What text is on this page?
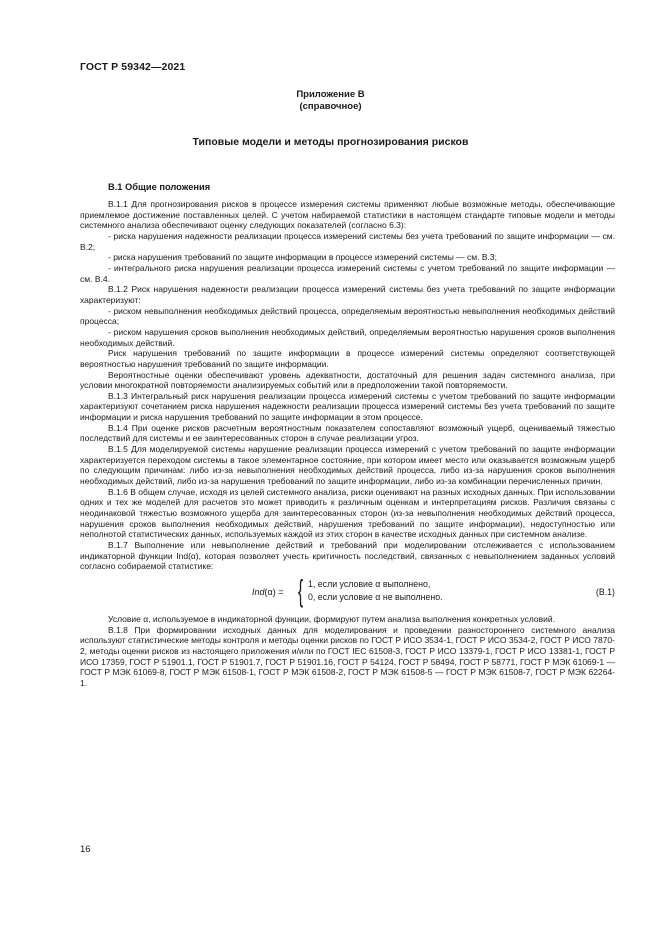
ГОСТ Р 59342—2021
Приложение В
(справочное)
Типовые модели и методы прогнозирования рисков
В.1 Общие положения

В.1.1 Для прогнозирования рисков в процессе измерения системы применяют любые возможные методы, обеспечивающие приемлемое достижение поставленных целей. С учетом набираемой статистики в настоящем стандарте типовые модели и методы системного анализа обеспечивают оценку следующих показателей (согласно 6.3):

- риска нарушения надежности реализации процесса измерений системы без учета требований по защите информации — см. В.2;

- риска нарушения требований по защите информации в процессе измерений системы — см. В.3;

- интегрального риска нарушения реализации процесса измерений системы с учетом требований по защите информации — см. В.4.

В.1.2 Риск нарушения надежности реализации процесса измерений системы без учета требований по защите информации характеризуют:

- риском невыполнения необходимых действий процесса, определяемым вероятностью невыполнения необходимых действий процесса;

- риском нарушения сроков выполнения необходимых действий, определяемым вероятностью нарушения сроков выполнения необходимых действий.

Риск нарушения требований по защите информации в процессе измерений системы определяют соответствующей вероятностью нарушения требований по защите информации.

Вероятностные оценки обеспечивают уровень адекватности, достаточный для решения задач системного анализа, при условии многократной повторяемости анализируемых событий или в предположении такой повторяемости.

В.1.3 Интегральный риск нарушения реализации процесса измерений системы с учетом требований по защите информации характеризуют сочетанием риска нарушения надежности реализации процесса измерений системы без учета требований по защите информации и риска нарушения требований по защите информации в этом процессе.

В.1.4 При оценке рисков расчетным вероятностным показателем сопоставляют возможный ущерб, оцениваемый тяжестью последствий для системы и ее заинтересованных сторон в случае реализации угроз.

В.1.5 Для моделируемой системы нарушение реализации процесса измерений с учетом требований по защите информации характеризуется переходом системы в такое элементарное состояние, при котором имеет место или оказывается возможным ущерб по следующим причинам: либо из-за невыполнения необходимых действий процесса, либо из-за нарушения сроков выполнения необходимых действий, либо из-за нарушения требований по защите информации, либо из-за комбинации перечисленных причин.

В.1.6 В общем случае, исходя из целей системного анализа, риски оценивают на разных исходных данных. При использовании одних и тех же моделей для расчетов это может приводить к различным оценкам и интерпретациям рисков. Различия связаны с неодинаковой тяжестью возможного ущерба для заинтересованных сторон (из-за невыполнения необходимых действий процесса, нарушения сроков выполнения необходимых действий, нарушения требований по защите информации), недоступностью или неполнотой статистических данных, используемых каждой из этих сторон в качестве исходных данных при системном анализе.

В.1.7 Выполнение или невыполнение действий и требований при моделировании отслеживается с использованием индикаторной функции Ind(α), которая позволяет учесть критичность последствий, связанных с невыполнением заданных условий согласно собираемой статистике:

Ind(α) = { 1, если условие α выполнено,
0, если условие α не выполнено.	(В.1)

Условие α, используемое в индикаторной функции, формируют путем анализа выполнения конкретных условий.

В.1.8 При формировании исходных данных для моделирования и проведении разностороннего системного анализа используют статистические методы контроля и методы оценки рисков по ГОСТ Р ИСО 3534-1, ГОСТ Р ИСО 3534-2, ГОСТ Р ИСО 7870-2, методы оценки рисков из настоящего приложения и/или по ГОСТ IEC 61508-3, ГОСТ Р ИСО 13379-1, ГОСТ Р ИСО 13381-1, ГОСТ Р ИСО 17359, ГОСТ Р 51901.1, ГОСТ Р 51901.7, ГОСТ Р 51901.16, ГОСТ Р 54124, ГОСТ Р 58494, ГОСТ Р 58771, ГОСТ Р МЭК 61069-1 — ГОСТ Р МЭК 61069-8, ГОСТ Р МЭК 61508-1, ГОСТ Р МЭК 61508-2, ГОСТ Р МЭК 61508-5 — ГОСТ Р МЭК 61508-7, ГОСТ Р МЭК 62264-1.

16
